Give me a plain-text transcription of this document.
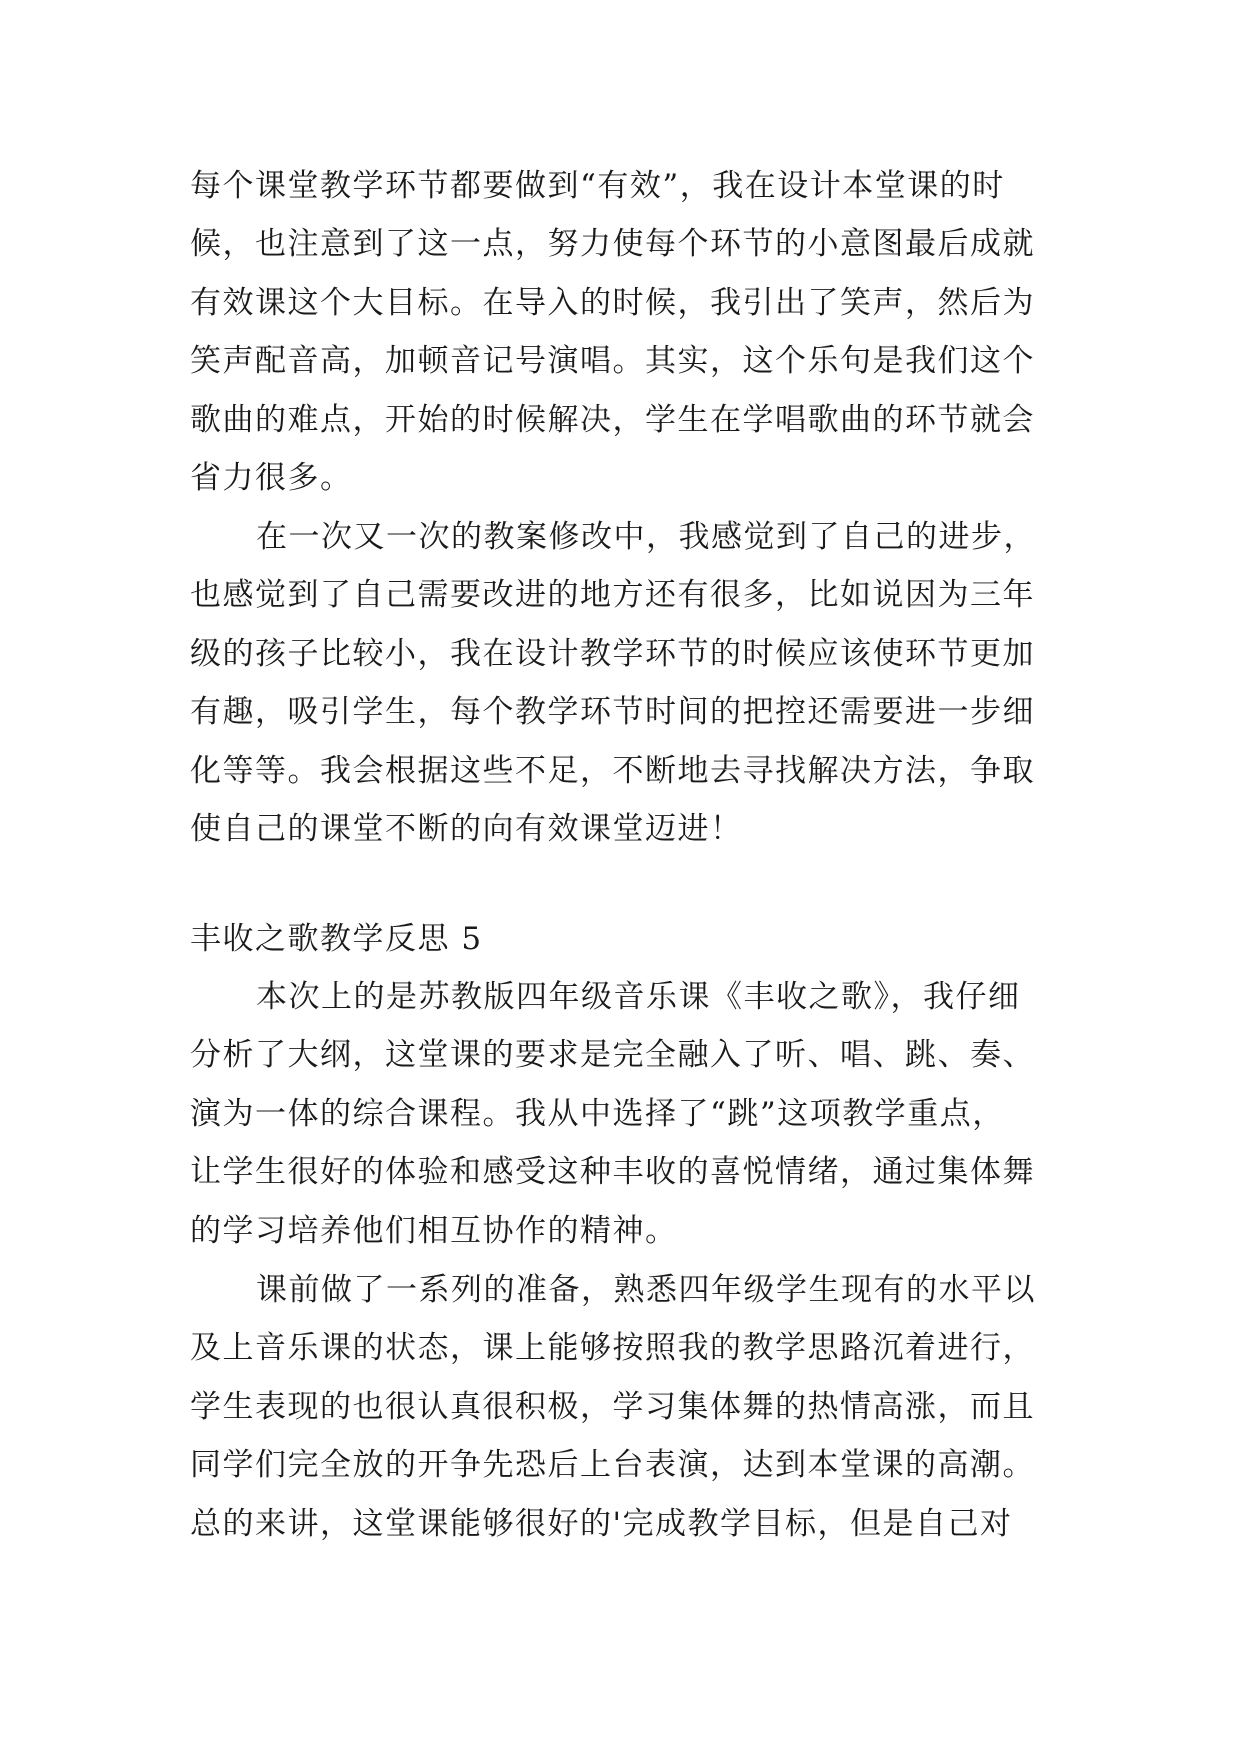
每个课堂教学环节都要做到“有效”，我在设计本堂课的时
候，也注意到了这一点，努力使每个环节的小意图最后成就
有效课这个大目标。在导入的时候，我引出了笑声，然后为
笑声配音高，加顿音记号演唱。其实，这个乐句是我们这个
歌曲的难点，开始的时候解决，学生在学唱歌曲的环节就会
省力很多。
在一次又一次的教案修改中，我感觉到了自己的进步，
也感觉到了自己需要改进的地方还有很多，比如说因为三年
级的孩子比较小，我在设计教学环节的时候应该使环节更加
有趣，吸引学生，每个教学环节时间的把控还需要进一步细
化等等。我会根据这些不足，不断地去寻找解决方法，争取
使自己的课堂不断的向有效课堂迈进！
丰收之歌教学反思 5
本次上的是苏教版四年级音乐课《丰收之歌》，我仔细
分析了大纲，这堂课的要求是完全融入了听、唱、跳、奏、
演为一体的综合课程。我从中选择了“跳”这项教学重点，
让学生很好的体验和感受这种丰收的喜悦情绪，通过集体舞
的学习培养他们相互协作的精神。
课前做了一系列的准备，熟悉四年级学生现有的水平以
及上音乐课的状态，课上能够按照我的教学思路沉着进行，
学生表现的也很认真很积极，学习集体舞的热情高涨，而且
同学们完全放的开争先恐后上台表演，达到本堂课的高潮。
总的来讲，这堂课能够很好的'完成教学目标，但是自己对
